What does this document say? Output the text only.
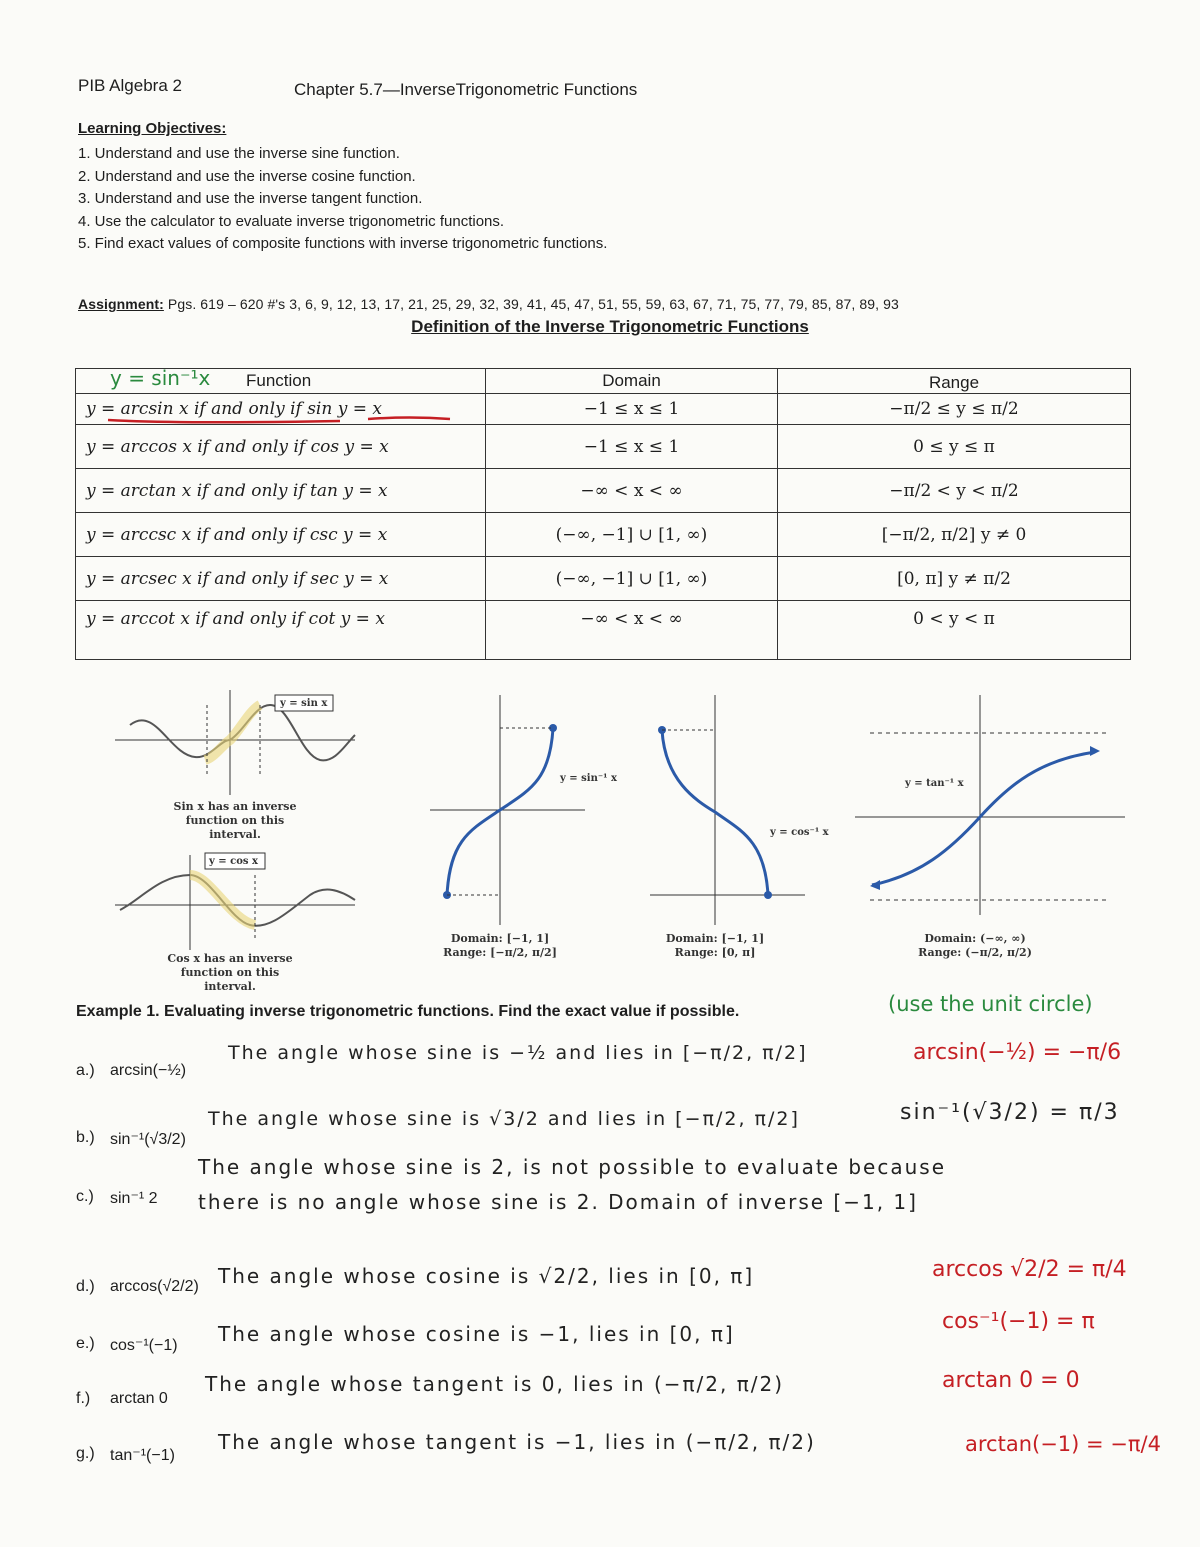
PIB Algebra 2	Chapter 5.7—InverseTrigonometric Functions
Learning Objectives:
1. Understand and use the inverse sine function.
2. Understand and use the inverse cosine function.
3. Understand and use the inverse tangent function.
4. Use the calculator to evaluate inverse trigonometric functions.
5. Find exact values of composite functions with inverse trigonometric functions.
Assignment: Pgs. 619 – 620 #'s 3, 6, 9, 12, 13, 17, 21, 25, 29, 32, 39, 41, 45, 47, 51, 55, 59, 63, 67, 71, 75, 77, 79, 85, 87, 89, 93
Definition of the Inverse Trigonometric Functions
y = sin⁻¹x Function	Domain	Range
y = arcsin x if and only if sin y = x	−1 ≤ x ≤ 1	−π/2 ≤ y ≤ π/2
y = arccos x if and only if cos y = x	−1 ≤ x ≤ 1	0 ≤ y ≤ π
y = arctan x if and only if tan y = x	−∞ < x < ∞	−π/2 < y < π/2
y = arccsc x if and only if csc y = x	(−∞, −1] ∪ [1, ∞)	[−π/2, π/2] y ≠ 0
y = arcsec x if and only if sec y = x	(−∞, −1] ∪ [1, ∞)	[0, π] y ≠ π/2
y = arccot x if and only if cot y = x	−∞ < x < ∞	0 < y < π
y = sin x
Sin x has an inverse
function on this interval.
y = cos x
Cos x has an inverse
function on this interval.
y = sin⁻¹ x
Domain: [−1, 1]
Range: [−π/2, π/2]
y = cos⁻¹ x
Domain: [−1, 1]
Range: [0, π]
y = tan⁻¹ x
Domain: (−∞, ∞)
Range: (−π/2, π/2)
Example 1. Evaluating inverse trigonometric functions. Find the exact value if possible.	(use the unit circle)
a.) arcsin(−½)
The angle whose sine is −½ and lies in [−π/2, π/2]	arcsin(−½) = −π/6
b.) sin⁻¹(√3/2)
The angle whose sine is √3/2 and lies in [−π/2, π/2]	sin⁻¹(√3/2) = π/3
c.) sin⁻¹ 2
The angle whose sine is 2, is not possible to evaluate because
there is no angle whose sine is 2. Domain of inverse [−1, 1]
d.) arccos(√2/2) The angle whose cosine is √2/2, lies in [0, π]	arccos √2/2 = π/4
e.) cos⁻¹(−1) The angle whose cosine is −1, lies in [0, π]	cos⁻¹(−1) = π
f.) arctan 0
The angle whose tangent is 0, lies in (−π/2, π/2)	arctan 0 = 0
g.) tan⁻¹(−1)
The angle whose tangent is −1, lies in (−π/2, π/2)	arctan(−1) = −π/4
